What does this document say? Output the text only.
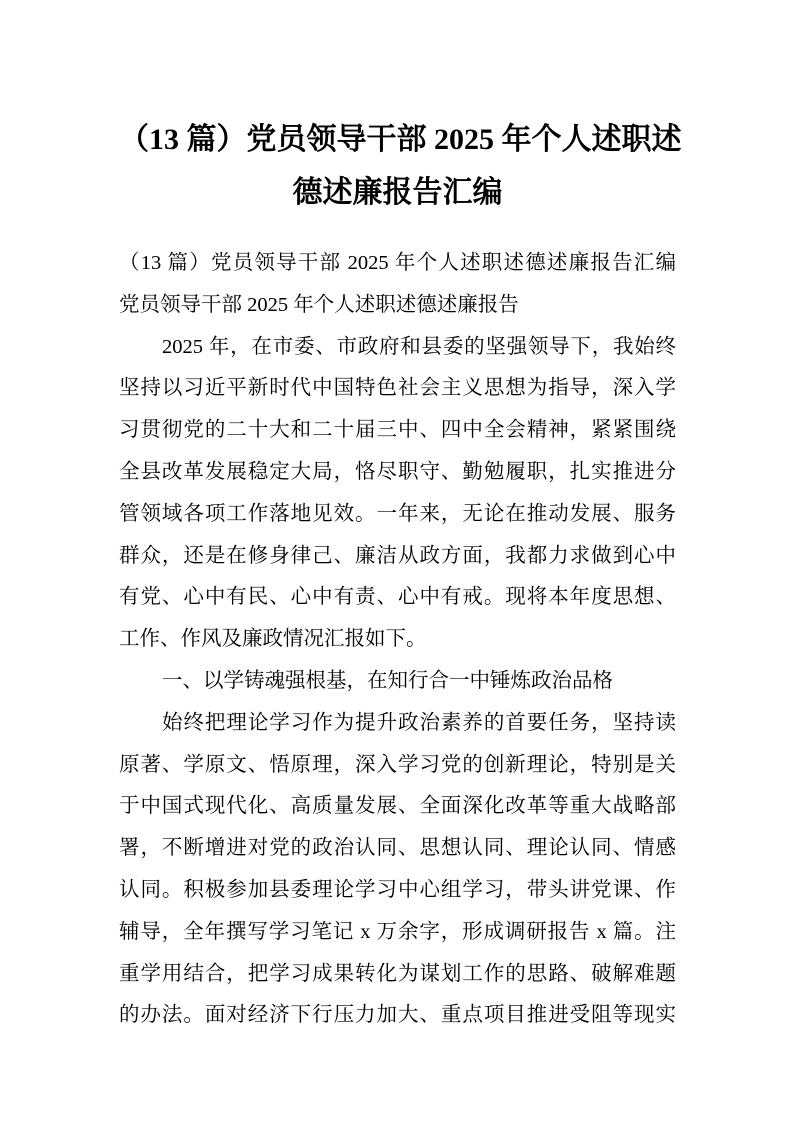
（13 篇）党员领导干部 2025 年个人述职述
德述廉报告汇编
（13 篇）党员领导干部 2025 年个人述职述德述廉报告汇编
党员领导干部 2025 年个人述职述德述廉报告
2025 年，在市委、市政府和县委的坚强领导下，我始终
坚持以习近平新时代中国特色社会主义思想为指导，深入学
习贯彻党的二十大和二十届三中、四中全会精神，紧紧围绕
全县改革发展稳定大局，恪尽职守、勤勉履职，扎实推进分
管领域各项工作落地见效。一年来，无论在推动发展、服务
群众，还是在修身律己、廉洁从政方面，我都力求做到心中
有党、心中有民、心中有责、心中有戒。现将本年度思想、
工作、作风及廉政情况汇报如下。
一、以学铸魂强根基，在知行合一中锤炼政治品格
始终把理论学习作为提升政治素养的首要任务，坚持读
原著、学原文、悟原理，深入学习党的创新理论，特别是关
于中国式现代化、高质量发展、全面深化改革等重大战略部
署，不断增进对党的政治认同、思想认同、理论认同、情感
认同。积极参加县委理论学习中心组学习，带头讲党课、作
辅导，全年撰写学习笔记 x 万余字，形成调研报告 x 篇。注
重学用结合，把学习成果转化为谋划工作的思路、破解难题
的办法。面对经济下行压力加大、重点项目推进受阻等现实
